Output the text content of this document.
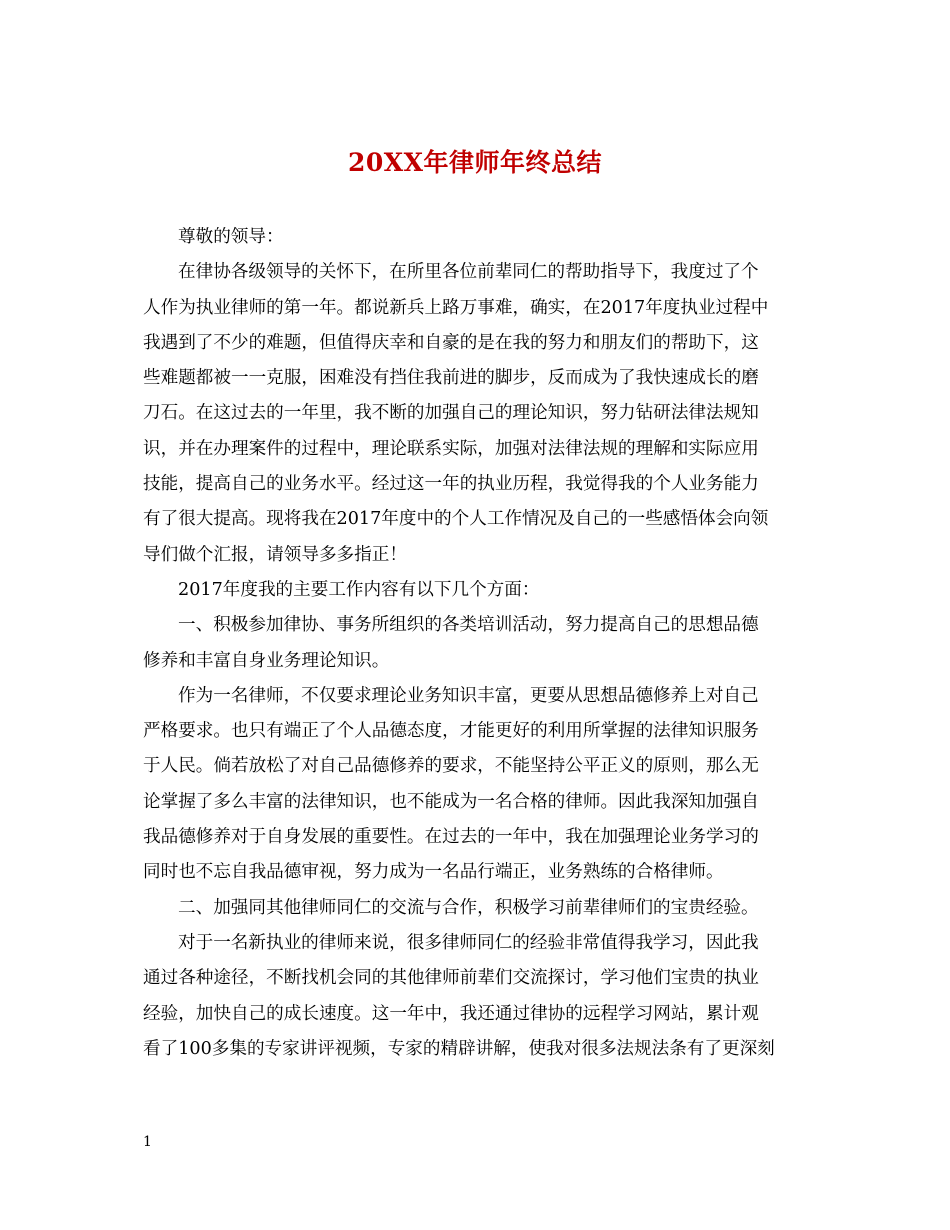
20XX年律师年终总结
尊敬的领导：
在律协各级领导的关怀下，在所里各位前辈同仁的帮助指导下，我度过了个
人作为执业律师的第一年。都说新兵上路万事难，确实，在2017年度执业过程中
我遇到了不少的难题，但值得庆幸和自豪的是在我的努力和朋友们的帮助下，这
些难题都被一一克服，困难没有挡住我前进的脚步，反而成为了我快速成长的磨
刀石。在这过去的一年里，我不断的加强自己的理论知识，努力钻研法律法规知
识，并在办理案件的过程中，理论联系实际，加强对法律法规的理解和实际应用
技能，提高自己的业务水平。经过这一年的执业历程，我觉得我的个人业务能力
有了很大提高。现将我在2017年度中的个人工作情况及自己的一些感悟体会向领
导们做个汇报，请领导多多指正！
2017年度我的主要工作内容有以下几个方面：
一、积极参加律协、事务所组织的各类培训活动，努力提高自己的思想品德
修养和丰富自身业务理论知识。
作为一名律师，不仅要求理论业务知识丰富，更要从思想品德修养上对自己
严格要求。也只有端正了个人品德态度，才能更好的利用所掌握的法律知识服务
于人民。倘若放松了对自己品德修养的要求，不能坚持公平正义的原则，那么无
论掌握了多么丰富的法律知识，也不能成为一名合格的律师。因此我深知加强自
我品德修养对于自身发展的重要性。在过去的一年中，我在加强理论业务学习的
同时也不忘自我品德审视，努力成为一名品行端正，业务熟练的合格律师。
二、加强同其他律师同仁的交流与合作，积极学习前辈律师们的宝贵经验。
对于一名新执业的律师来说，很多律师同仁的经验非常值得我学习，因此我
通过各种途径，不断找机会同的其他律师前辈们交流探讨，学习他们宝贵的执业
经验，加快自己的成长速度。这一年中，我还通过律协的远程学习网站，累计观
看了100多集的专家讲评视频，专家的精辟讲解，使我对很多法规法条有了更深刻
1
